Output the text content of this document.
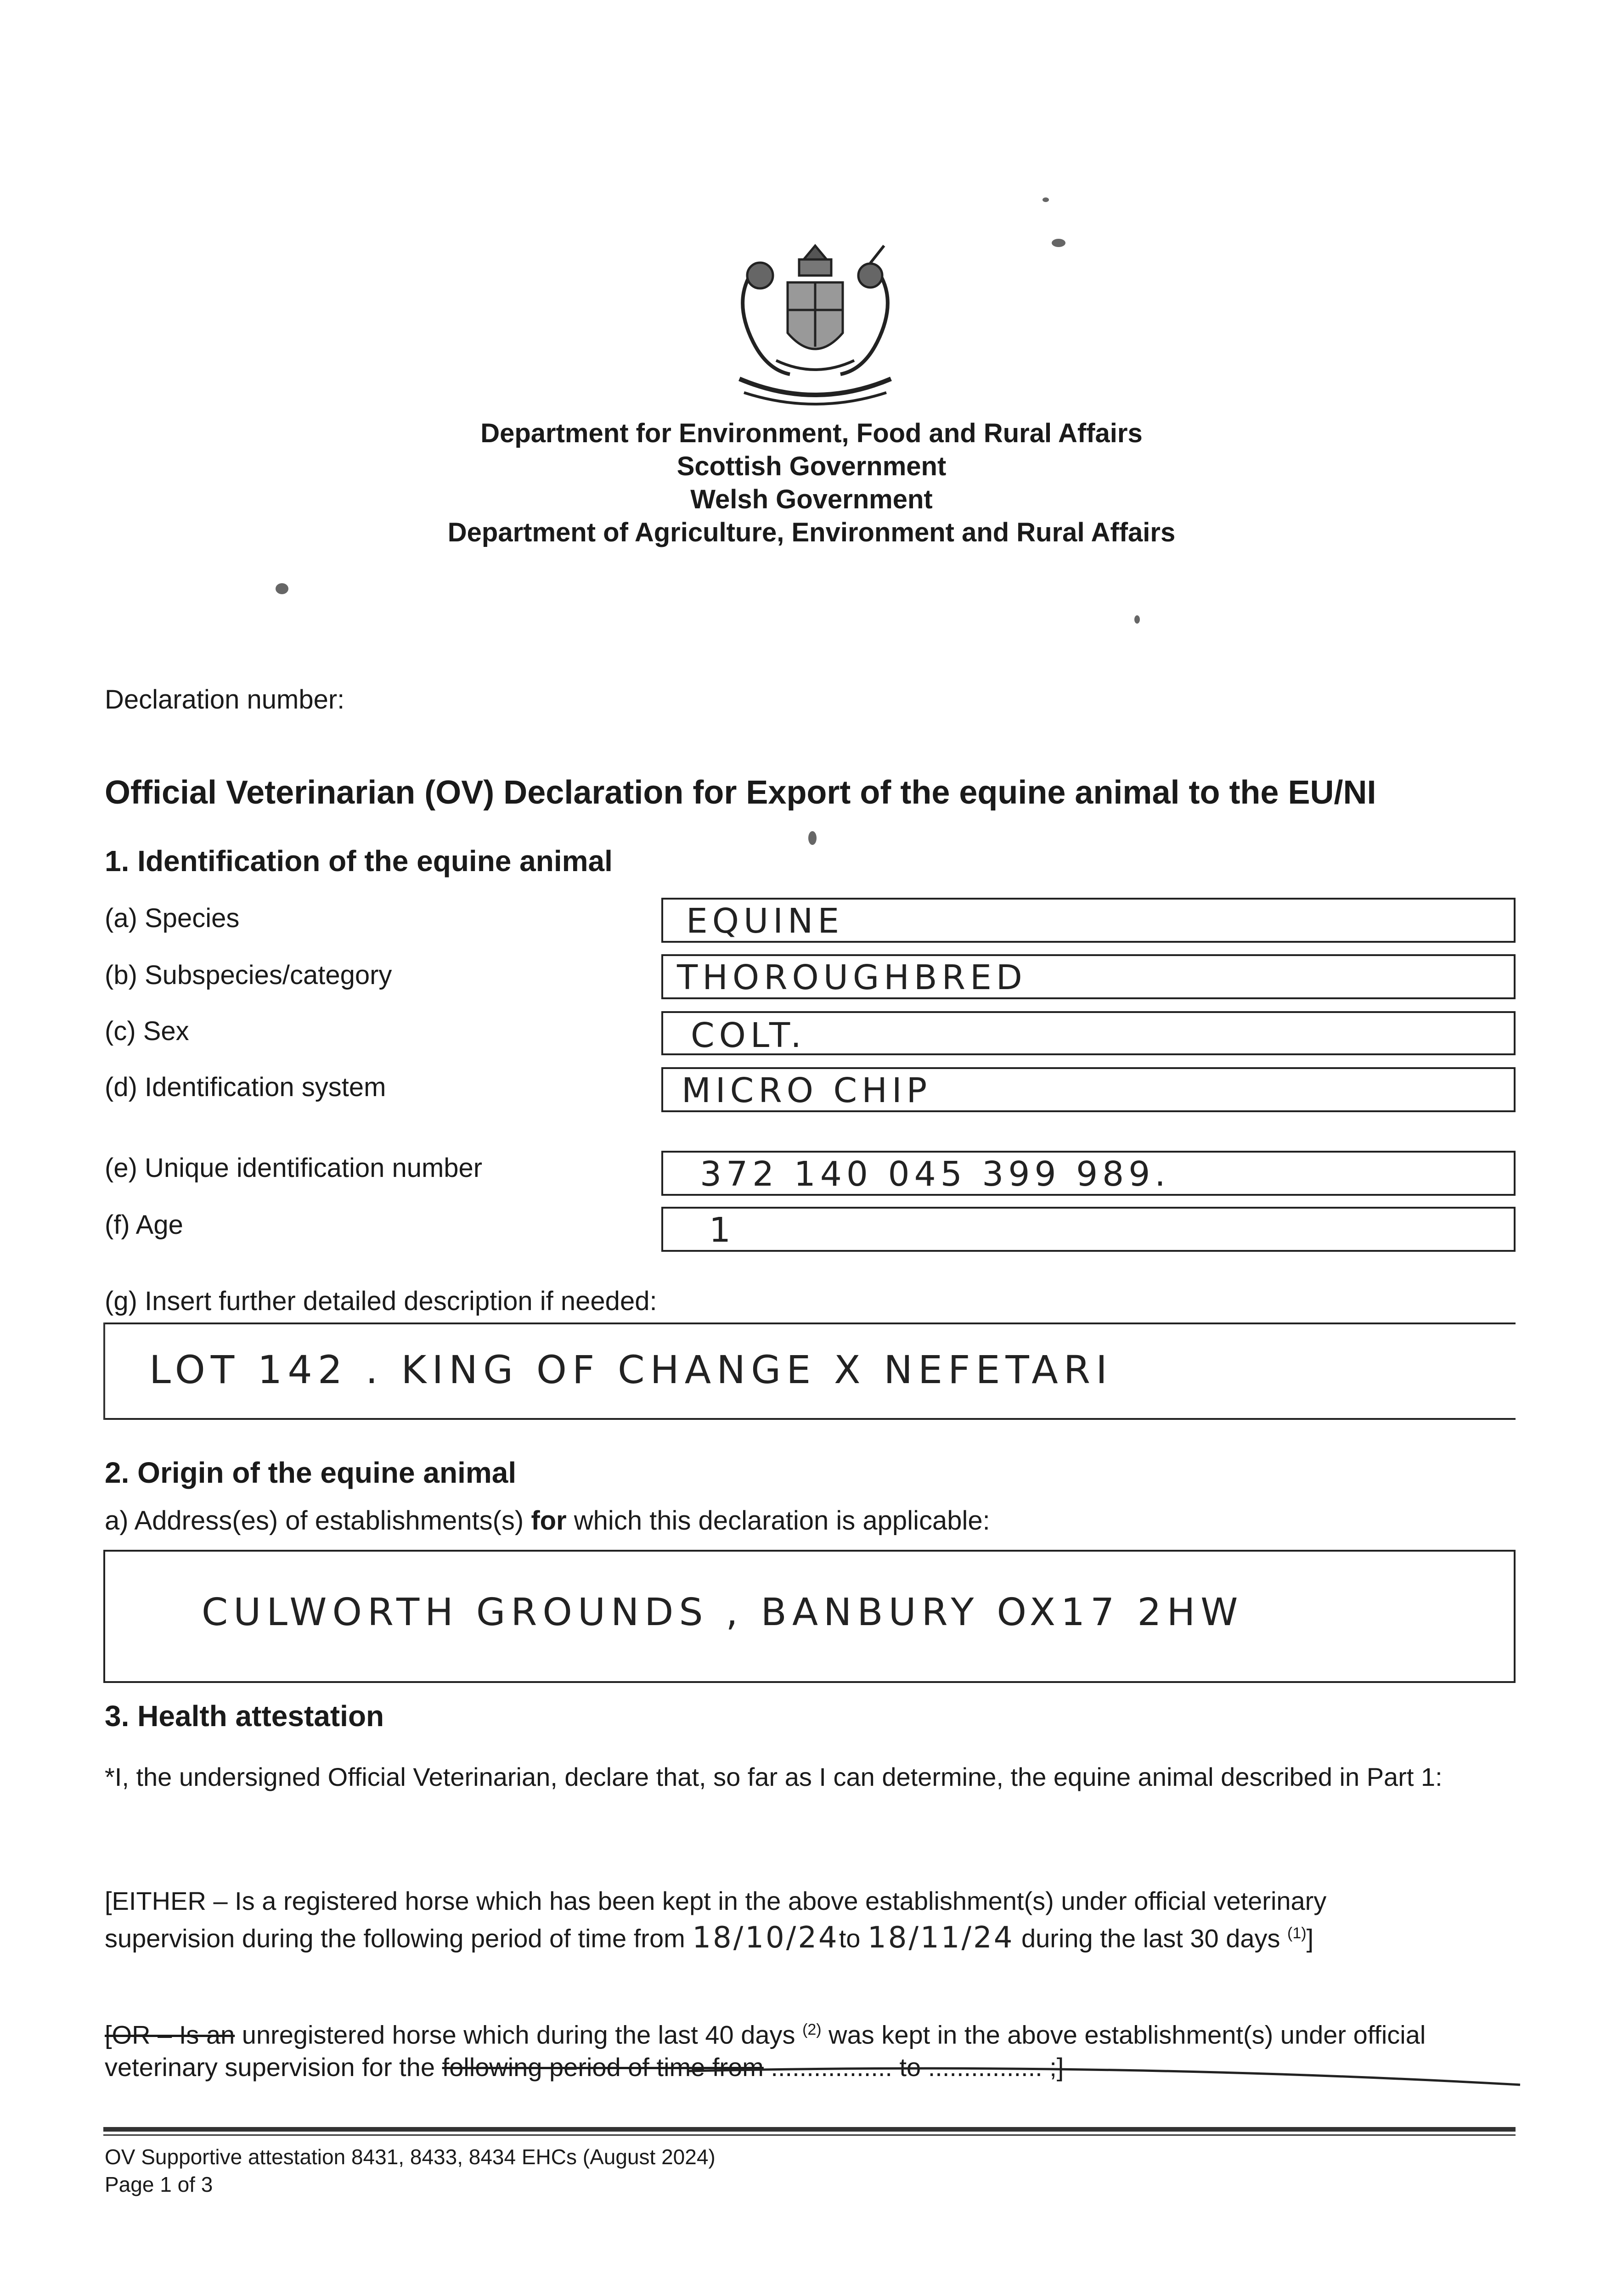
Department for Environment, Food and Rural Affairs
Scottish Government
Welsh Government
Department of Agriculture, Environment and Rural Affairs
Declaration number:
Official Veterinarian (OV) Declaration for Export of the equine animal to the EU/NI
1. Identification of the equine animal
(a) Species	EQUINE
(b) Subspecies/category	THOROUGHBRED
(c) Sex	COLT.
(d) Identification system	MICRO CHIP
(e) Unique identification number	372 140 045 399 989.
(f) Age	1
(g) Insert further detailed description if needed:
LOT 142 . KING OF CHANGE X NEFETARI
2. Origin of the equine animal
a) Address(es) of establishments(s) for which this declaration is applicable:
CULWORTH GROUNDS , BANBURY OX17 2HW
3. Health attestation
*I, the undersigned Official Veterinarian, declare that, so far as I can determine, the equine animal described in Part 1:
[EITHER – Is a registered horse which has been kept in the above establishment(s) under official veterinary
supervision during the following period of time from 18/10/24to 18/11/24 during the last 30 days $^{(1)}$]
[OR – Is an unregistered horse which during the last 40 days $^{(2)}$ was kept in the above establishment(s) under official
veterinary supervision for the following period of time from ................. to ................ ;]
OV Supportive attestation 8431, 8433, 8434 EHCs (August 2024)
Page 1 of 3
